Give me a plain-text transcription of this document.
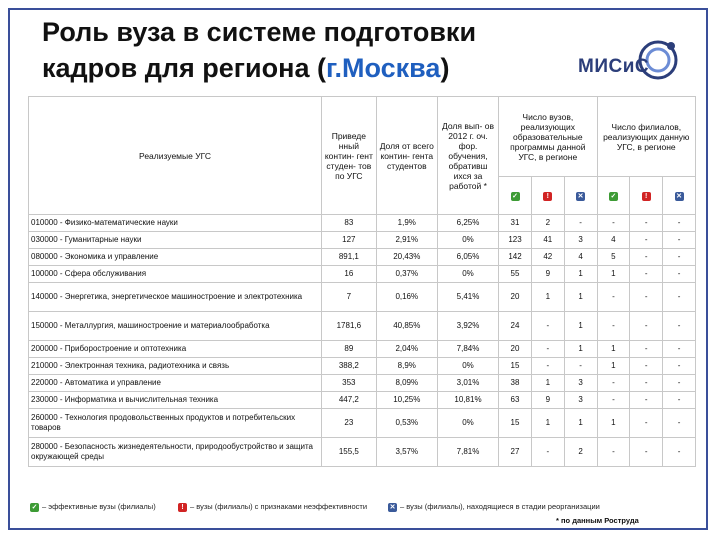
Роль вуза в системе подготовки
кадров для региона (г.Москва)	МИСиС
Реализуемые УГС	Приведе нный контин- гент студен- тов по УГС	Доля от всего контин- гента студентов	Доля вып- ов 2012 г. оч. фор. обучения, обративш ихся за работой *	Число вузов, реализующих образовательные программы данной УГС, в регионе			Число филиалов, реализующих данную УГС, в регионе		
				✓	!	✕	✓	!	✕
010000 - Физико-математические науки	83	1,9%	6,25%	31	2	-	-	-	-
030000 - Гуманитарные науки	127	2,91%	0%	123	41	3	4	-	-
080000 - Экономика и управление	891,1	20,43%	6,05%	142	42	4	5	-	-
100000 - Сфера обслуживания	16	0,37%	0%	55	9	1	1	-	-
140000 - Энергетика, энергетическое машиностроение и электротехника	7	0,16%	5,41%	20	1	1	-	-	-
150000 - Металлургия, машиностроение и материалообработка	1781,6	40,85%	3,92%	24	-	1	-	-	-
200000 - Приборостроение и оптотехника	89	2,04%	7,84%	20	-	1	1	-	-
210000 - Электронная техника, радиотехника и связь	388,2	8,9%	0%	15	-	-	1	-	-
220000 - Автоматика и управление	353	8,09%	3,01%	38	1	3	-	-	-
230000 - Информатика и вычислительная техника	447,2	10,25%	10,81%	63	9	3	-	-	-
260000 - Технология продовольственных продуктов и потребительских товаров	23	0,53%	0%	15	1	1	1	-	-
280000 - Безопасность жизнедеятельности, природообустройство и защита окружающей среды	155,5	3,57%	7,81%	27	-	2	-	-	-
✓ – эффективные вузы (филиалы)	! – вузы (филиалы) с признаками неэффективности	✕ – вузы (филиалы), находящиеся в стадии реорганизации
* по данным Роструда
